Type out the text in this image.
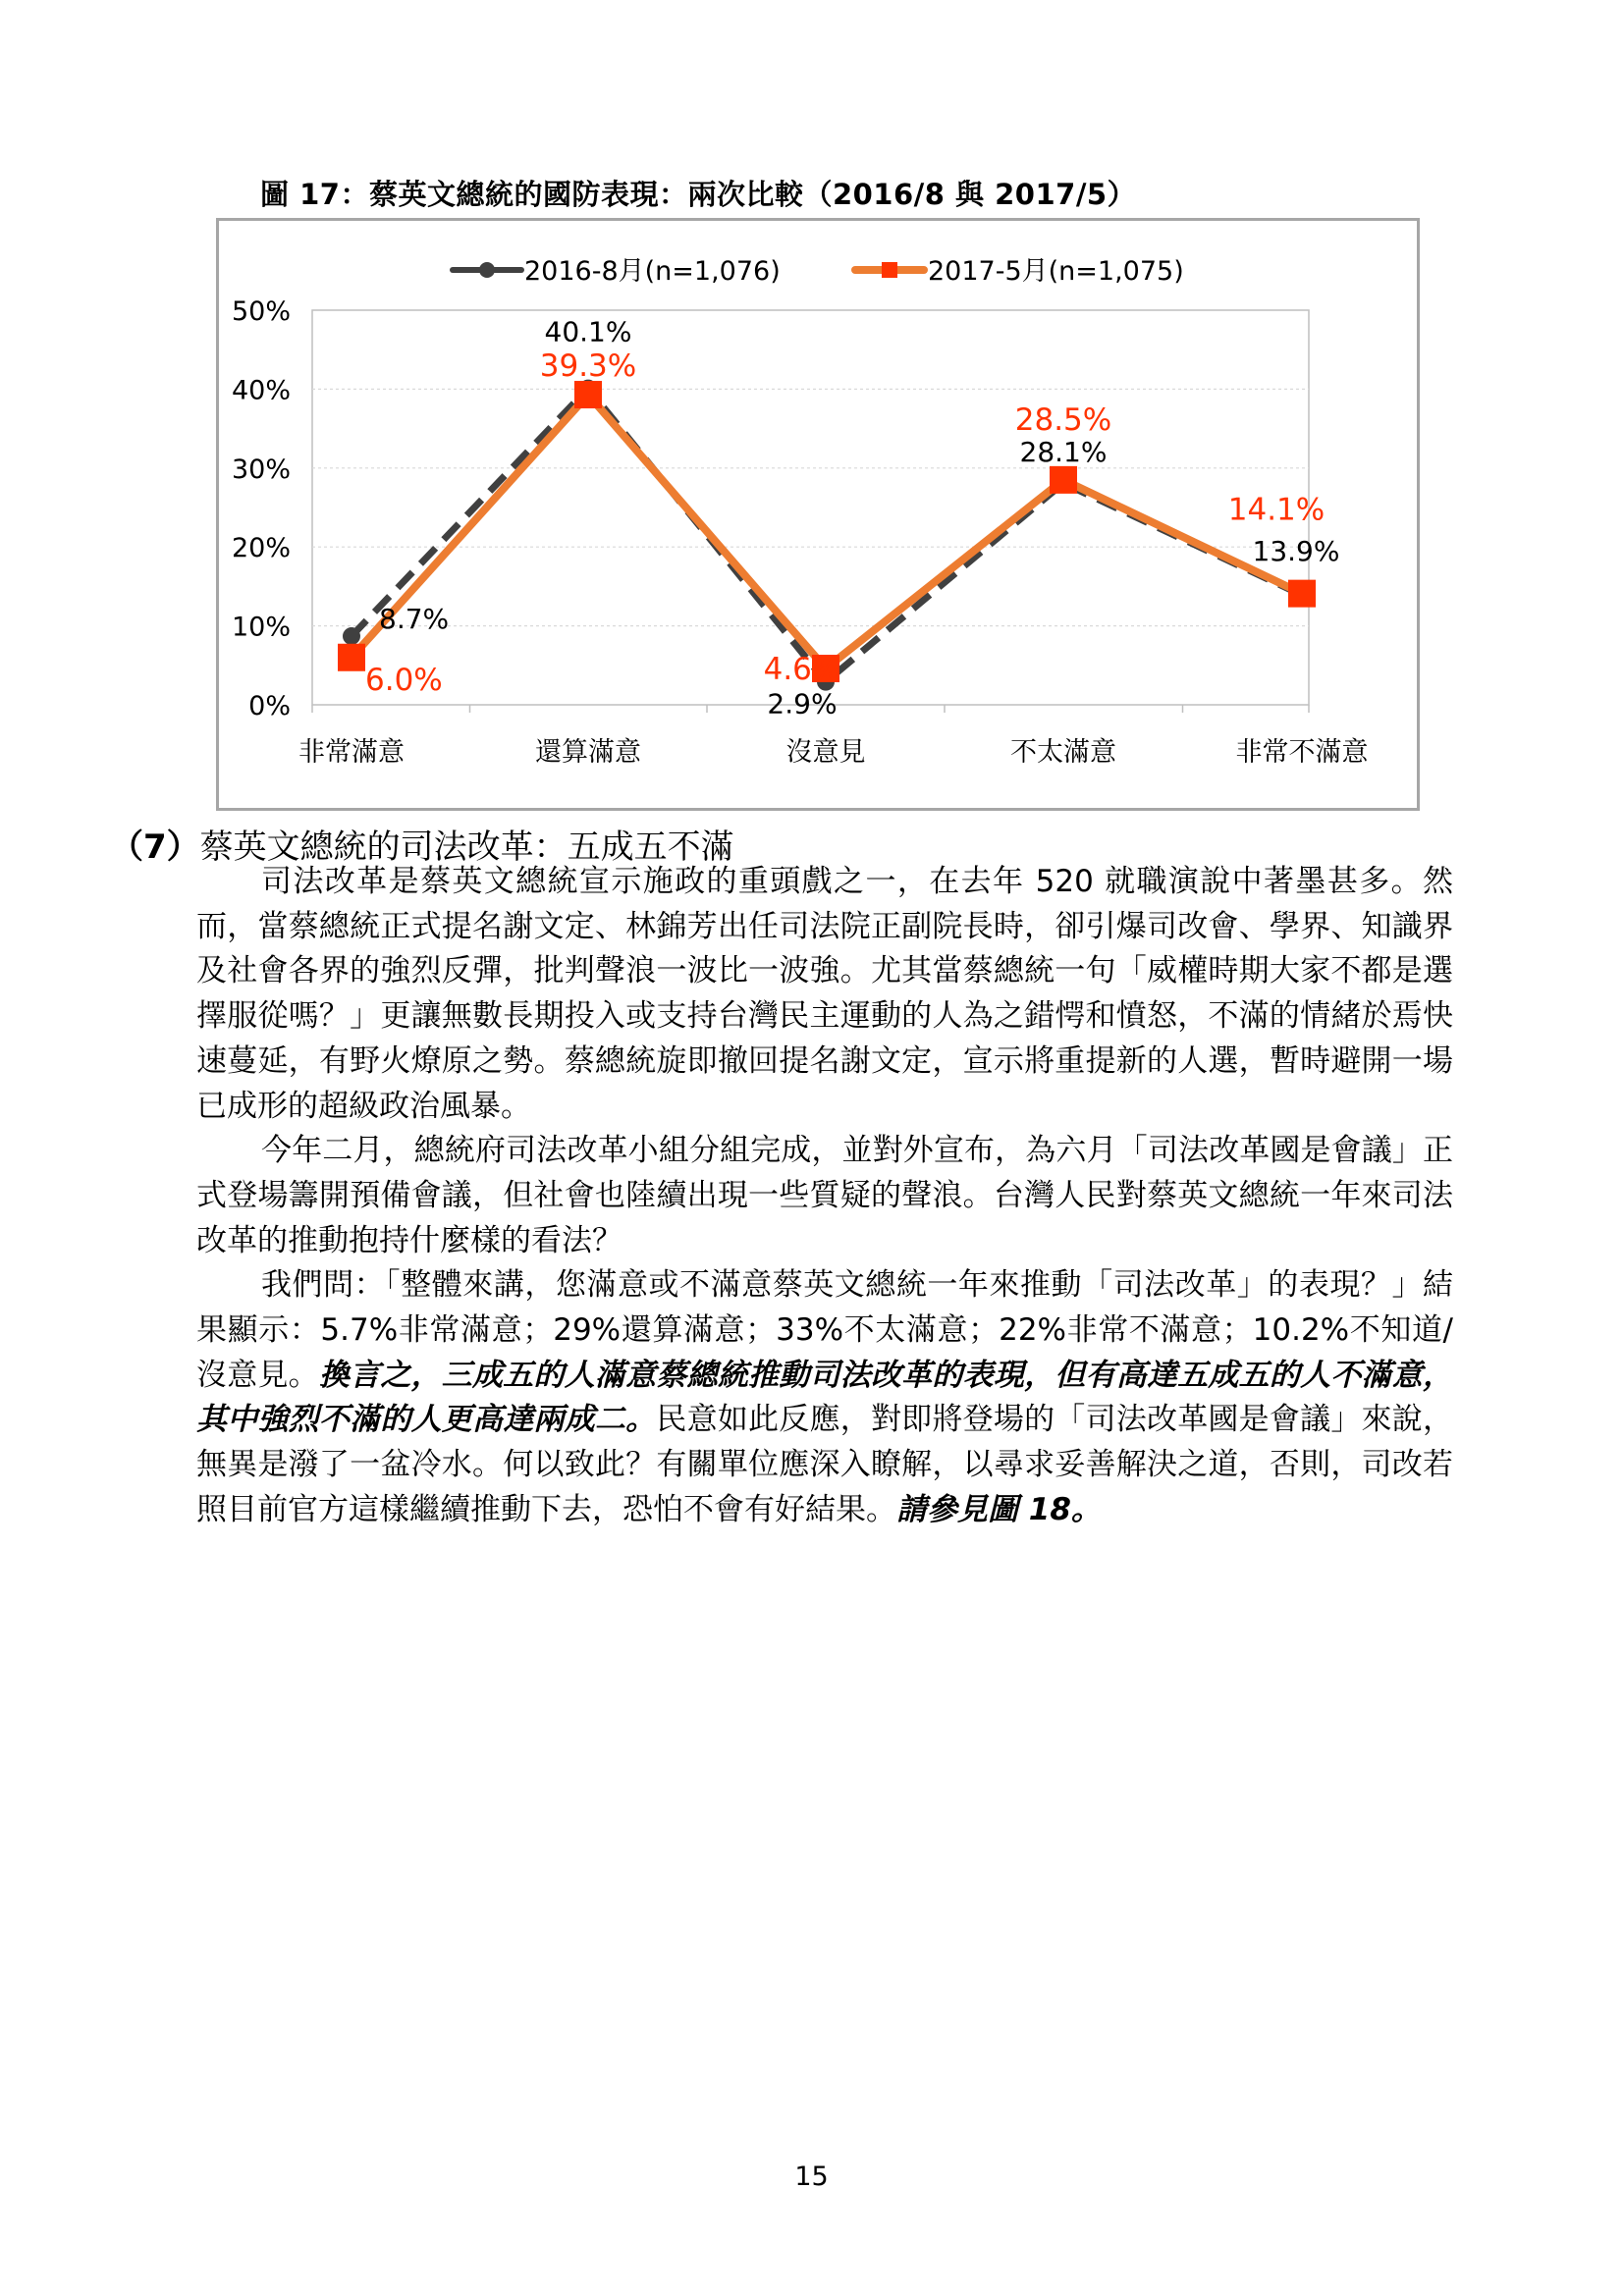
圖 17：蔡英文總統的國防表現：兩次比較（2016/8 與 2017/5）
0%
10%
20%
30%
40%
50%
非常滿意	還算滿意	沒意見	不太滿意	非常不滿意
2016-8月(n=1,076)	2017-5月(n=1,075)
8.7%
40.1%
2.9%
28.1%
13.9%
6.0%
39.3%
4.6%
28.5%
14.1%
（7）蔡英文總統的司法改革：五成五不滿

司法改革是蔡英文總統宣示施政的重頭戲之一，在去年 520 就職演說中著墨甚多。然而，當蔡總統正式提名謝文定、林錦芳出任司法院正副院長時，卻引爆司改會、學界、知識界及社會各界的強烈反彈，批判聲浪一波比一波強。尤其當蔡總統一句「威權時期大家不都是選擇服從嗎？」更讓無數長期投入或支持台灣民主運動的人為之錯愕和憤怒，不滿的情緒於焉快速蔓延，有野火燎原之勢。蔡總統旋即撤回提名謝文定，宣示將重提新的人選，暫時避開一場已成形的超級政治風暴。

今年二月，總統府司法改革小組分組完成，並對外宣布，為六月「司法改革國是會議」正式登場籌開預備會議，但社會也陸續出現一些質疑的聲浪。台灣人民對蔡英文總統一年來司法改革的推動抱持什麼樣的看法？

我們問：「整體來講，您滿意或不滿意蔡英文總統一年來推動「司法改革」的表現？」結果顯示：5.7%非常滿意；29%還算滿意；33%不太滿意；22%非常不滿意；10.2%不知道/沒意見。換言之，三成五的人滿意蔡總統推動司法改革的表現，但有高達五成五的人不滿意，其中強烈不滿的人更高達兩成二。民意如此反應，對即將登場的「司法改革國是會議」來說，無異是潑了一盆冷水。何以致此？有關單位應深入瞭解，以尋求妥善解決之道，否則，司改若照目前官方這樣繼續推動下去，恐怕不會有好結果。請參見圖 18。

15
